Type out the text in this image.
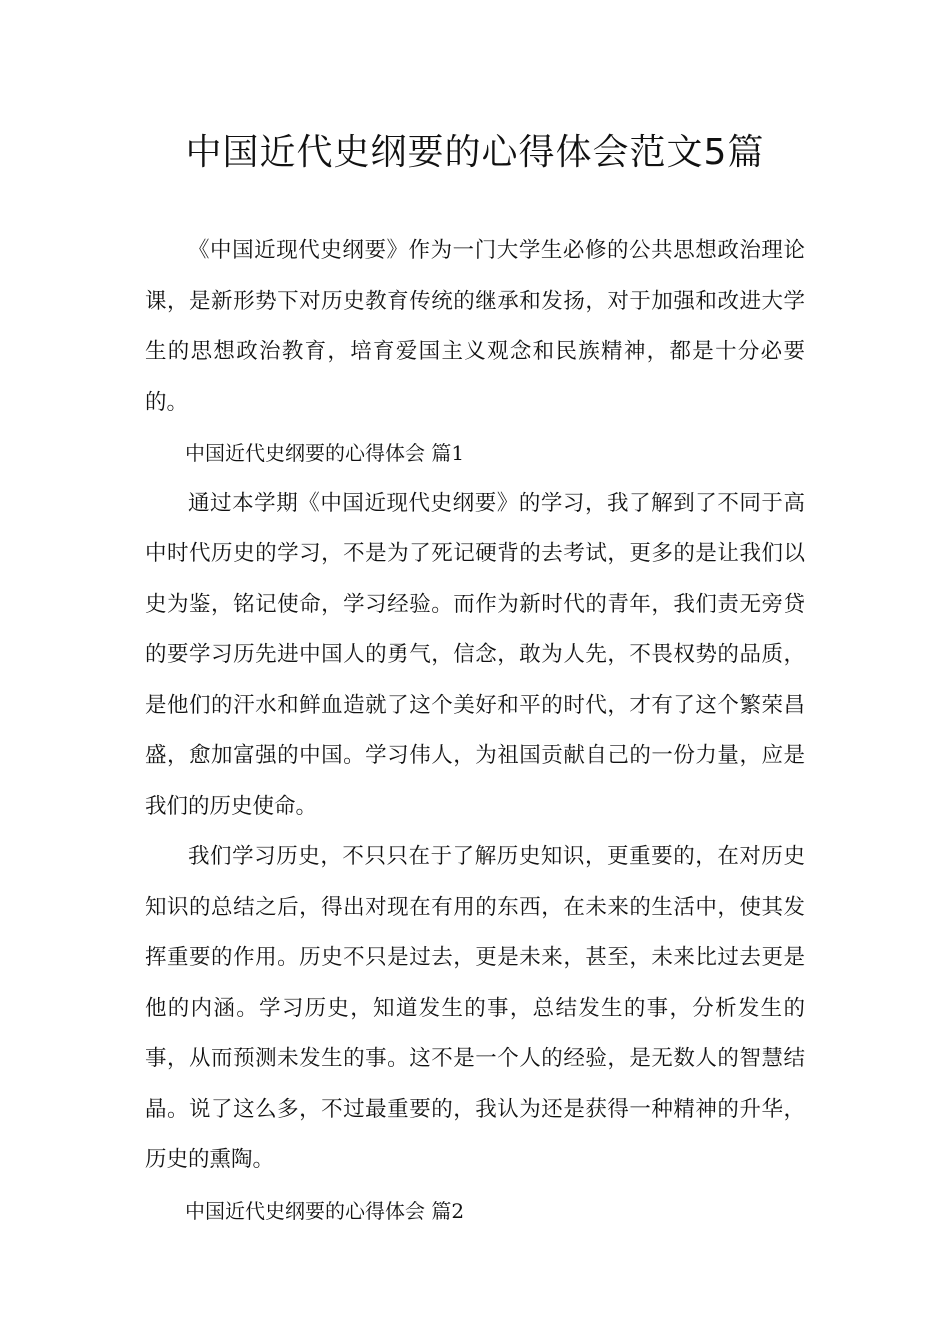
中国近代史纲要的心得体会范文5篇

《中国近现代史纲要》作为一门大学生必修的公共思想政治理论课，是新形势下对历史教育传统的继承和发扬，对于加强和改进大学生的思想政治教育，培育爱国主义观念和民族精神，都是十分必要的。

中国近代史纲要的心得体会 篇1

通过本学期《中国近现代史纲要》的学习，我了解到了不同于高中时代历史的学习，不是为了死记硬背的去考试，更多的是让我们以史为鉴，铭记使命，学习经验。而作为新时代的青年，我们责无旁贷的要学习历先进中国人的勇气，信念，敢为人先，不畏权势的品质，是他们的汗水和鲜血造就了这个美好和平的时代，才有了这个繁荣昌盛，愈加富强的中国。学习伟人，为祖国贡献自己的一份力量，应是我们的历史使命。

我们学习历史，不只只在于了解历史知识，更重要的，在对历史知识的总结之后，得出对现在有用的东西，在未来的生活中，使其发挥重要的作用。历史不只是过去，更是未来，甚至，未来比过去更是他的内涵。学习历史，知道发生的事，总结发生的事，分析发生的事，从而预测未发生的事。这不是一个人的经验，是无数人的智慧结晶。说了这么多，不过最重要的，我认为还是获得一种精神的升华，历史的熏陶。

中国近代史纲要的心得体会 篇2
